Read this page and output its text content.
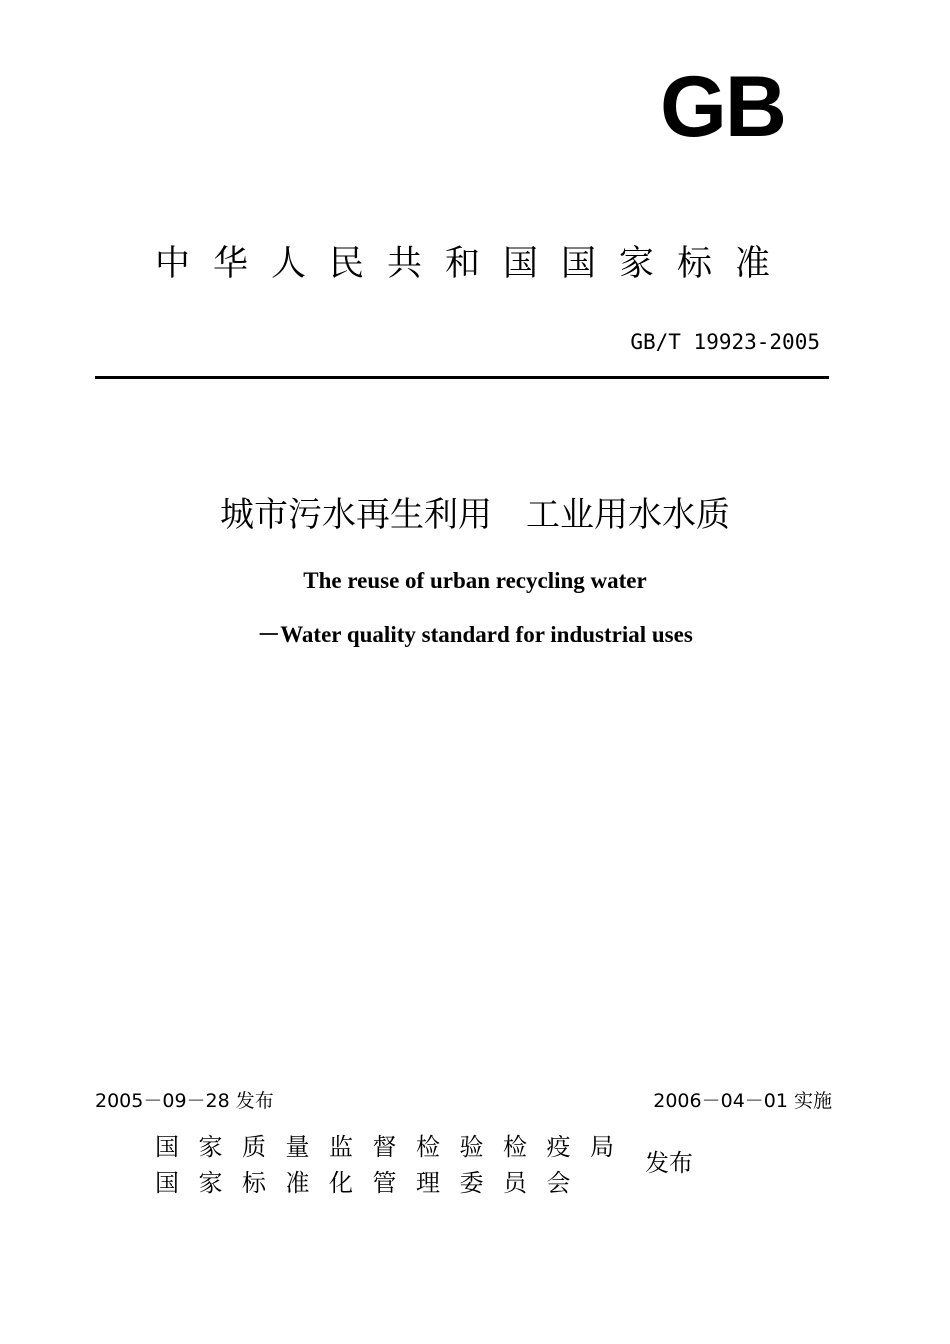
GB
中华人民共和国国家标准
GB/T 19923-2005
城市污水再生利用　工业用水水质
The reuse of urban recycling water
－Water quality standard for industrial uses
2005－09－28 发布	2006－04－01 实施
国家质量监督检验检疫局
国家标准化管理委员会
发布
